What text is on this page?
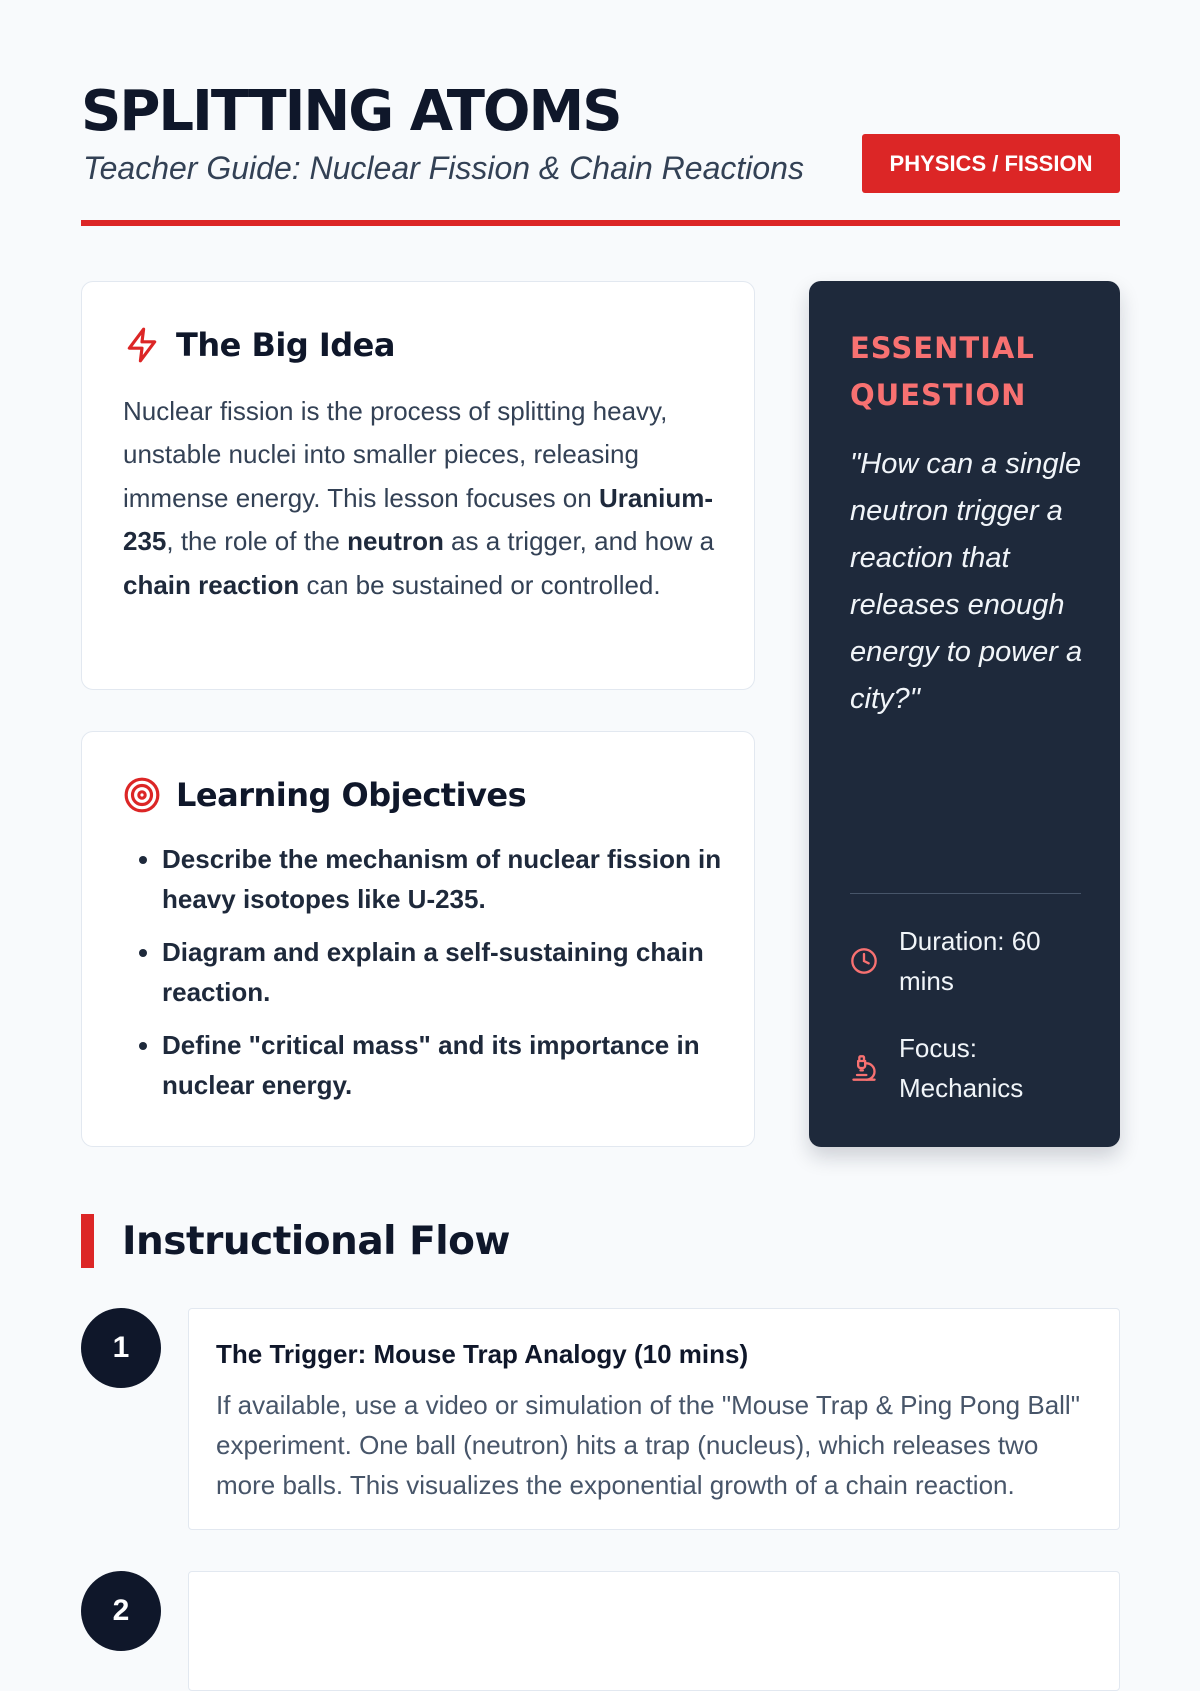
SPLITTING ATOMS
Teacher Guide: Nuclear Fission & Chain Reactions	PHYSICS / FISSION
The Big Idea

Nuclear fission is the process of splitting heavy, unstable nuclei into smaller pieces, releasing immense energy. This lesson focuses on Uranium-235, the role of the neutron as a trigger, and how a chain reaction can be sustained or controlled.

Learning Objectives
• Describe the mechanism of nuclear fission in heavy isotopes like U-235.
• Diagram and explain a self-sustaining chain reaction.
• Define "critical mass" and its importance in nuclear energy.
ESSENTIAL QUESTION
"How can a single neutron trigger a reaction that releases enough energy to power a city?"
Duration: 60 mins
Focus: Mechanics
Instructional Flow
1	The Trigger: Mouse Trap Analogy (10 mins)

If available, use a video or simulation of the "Mouse Trap & Ping Pong Ball" experiment. One ball (neutron) hits a trap (nucleus), which releases two more balls. This visualizes the exponential growth of a chain reaction.

2
